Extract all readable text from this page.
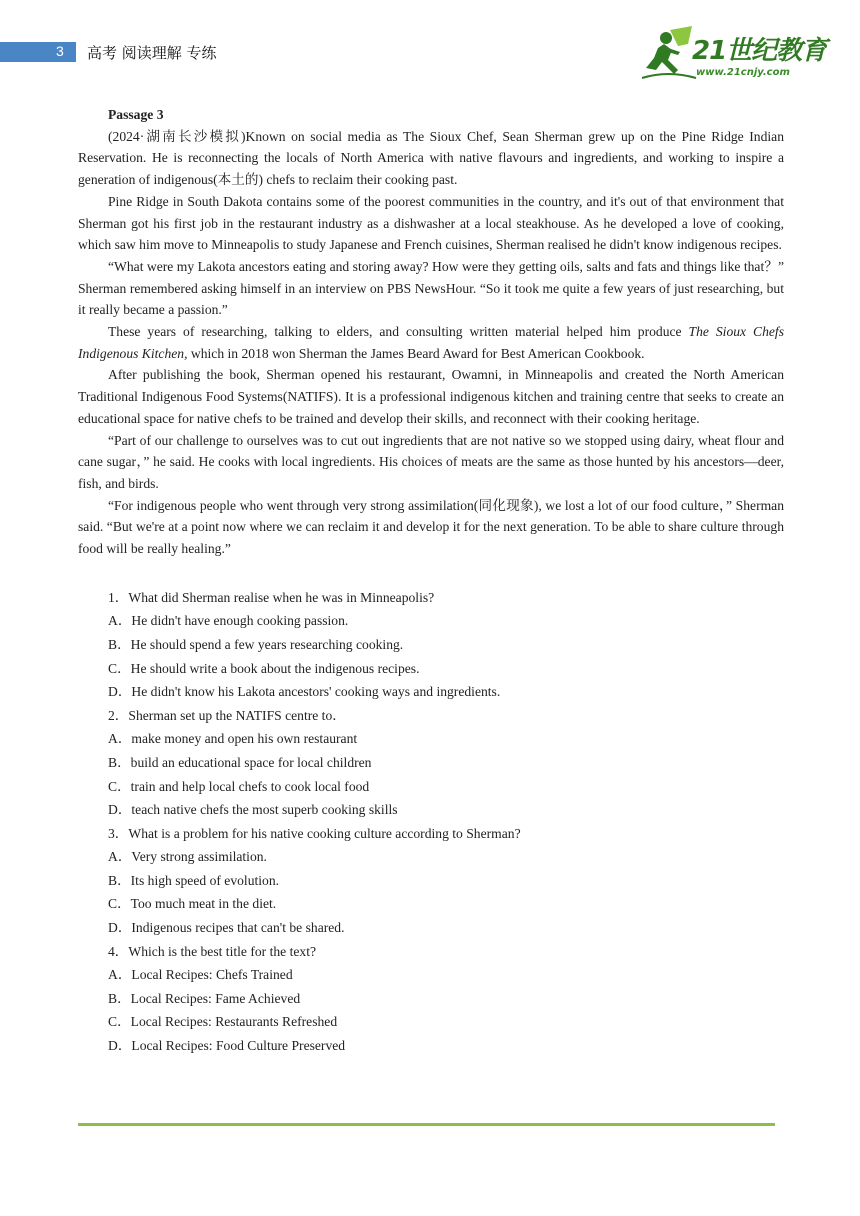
3 高考 阅读理解 专练	21世纪教育
www.21cnjy.com

Passage 3

(2024·湖南长沙模拟)Known on social media as The Sioux Chef, Sean Sherman grew up on the Pine Ridge Indian Reservation. He is reconnecting the locals of North America with native flavours and ingredients, and working to inspire a generation of indigenous(本土的) chefs to reclaim their cooking past.

Pine Ridge in South Dakota contains some of the poorest communities in the country, and it's out of that environment that Sherman got his first job in the restaurant industry as a dishwasher at a local steakhouse. As he developed a love of cooking, which saw him move to Minneapolis to study Japanese and French cuisines, Sherman realised he didn't know indigenous recipes.

“What were my Lakota ancestors eating and storing away? How were they getting oils, salts and fats and things like that？” Sherman remembered asking himself in an interview on PBS NewsHour. “So it took me quite a few years of just researching, but it really became a passion.”

These years of researching, talking to elders, and consulting written material helped him produce The Sioux Chefs Indigenous Kitchen, which in 2018 won Sherman the James Beard Award for Best American Cookbook.

After publishing the book, Sherman opened his restaurant, Owamni, in Minneapolis and created the North American Traditional Indigenous Food Systems(NATIFS). It is a professional indigenous kitchen and training centre that seeks to create an educational space for native chefs to be trained and develop their skills, and reconnect with their cooking heritage.

“Part of our challenge to ourselves was to cut out ingredients that are not native so we stopped using dairy, wheat flour and cane sugar，” he said. He cooks with local ingredients. His choices of meats are the same as those hunted by his ancestors—deer, fish, and birds.

“For indigenous people who went through very strong assimilation(同化现象), we lost a lot of our food culture，” Sherman said. “But we're at a point now where we can reclaim it and develop it for the next generation. To be able to share culture through food will be really healing.”

1．What did Sherman realise when he was in Minneapolis?

A．He didn't have enough cooking passion.

B．He should spend a few years researching cooking.

C．He should write a book about the indigenous recipes.

D．He didn't know his Lakota ancestors' cooking ways and ingredients.

2．Sherman set up the NATIFS centre to．

A．make money and open his own restaurant

B．build an educational space for local children

C．train and help local chefs to cook local food

D．teach native chefs the most superb cooking skills

3．What is a problem for his native cooking culture according to Sherman?

A．Very strong assimilation.

B．Its high speed of evolution.

C．Too much meat in the diet.

D．Indigenous recipes that can't be shared.

4．Which is the best title for the text?

A．Local Recipes: Chefs Trained

B．Local Recipes: Fame Achieved

C．Local Recipes: Restaurants Refreshed

D．Local Recipes: Food Culture Preserved
